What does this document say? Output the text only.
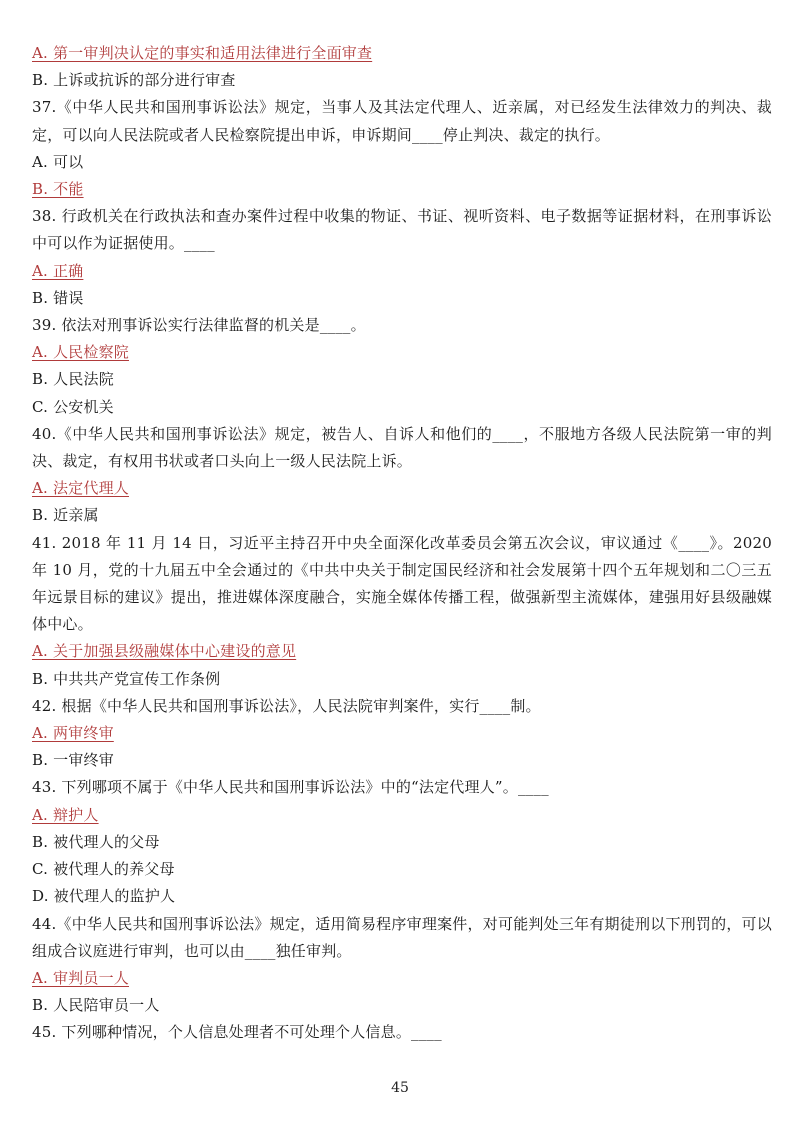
A. 第一审判决认定的事实和适用法律进行全面审查

B. 上诉或抗诉的部分进行审查

37.《中华人民共和国刑事诉讼法》规定，当事人及其法定代理人、近亲属，对已经发生法律效力的判决、裁定，可以向人民法院或者人民检察院提出申诉，申诉期间____停止判决、裁定的执行。

A. 可以

B. 不能

38. 行政机关在行政执法和查办案件过程中收集的物证、书证、视听资料、电子数据等证据材料，在刑事诉讼中可以作为证据使用。____

A. 正确

B. 错误

39. 依法对刑事诉讼实行法律监督的机关是____。

A. 人民检察院

B. 人民法院

C. 公安机关

40.《中华人民共和国刑事诉讼法》规定，被告人、自诉人和他们的____，不服地方各级人民法院第一审的判决、裁定，有权用书状或者口头向上一级人民法院上诉。

A. 法定代理人

B. 近亲属

41. 2018 年 11 月 14 日，习近平主持召开中央全面深化改革委员会第五次会议，审议通过《____》。2020 年 10 月，党的十九届五中全会通过的《中共中央关于制定国民经济和社会发展第十四个五年规划和二〇三五年远景目标的建议》提出，推进媒体深度融合，实施全媒体传播工程，做强新型主流媒体，建强用好县级融媒体中心。

A. 关于加强县级融媒体中心建设的意见

B. 中共共产党宣传工作条例

42. 根据《中华人民共和国刑事诉讼法》，人民法院审判案件，实行____制。

A. 两审终审

B. 一审终审

43. 下列哪项不属于《中华人民共和国刑事诉讼法》中的“法定代理人”。____

A. 辩护人

B. 被代理人的父母

C. 被代理人的养父母

D. 被代理人的监护人

44.《中华人民共和国刑事诉讼法》规定，适用简易程序审理案件，对可能判处三年有期徒刑以下刑罚的，可以组成合议庭进行审判，也可以由____独任审判。

A. 审判员一人

B. 人民陪审员一人

45. 下列哪种情况，个人信息处理者不可处理个人信息。____

45
